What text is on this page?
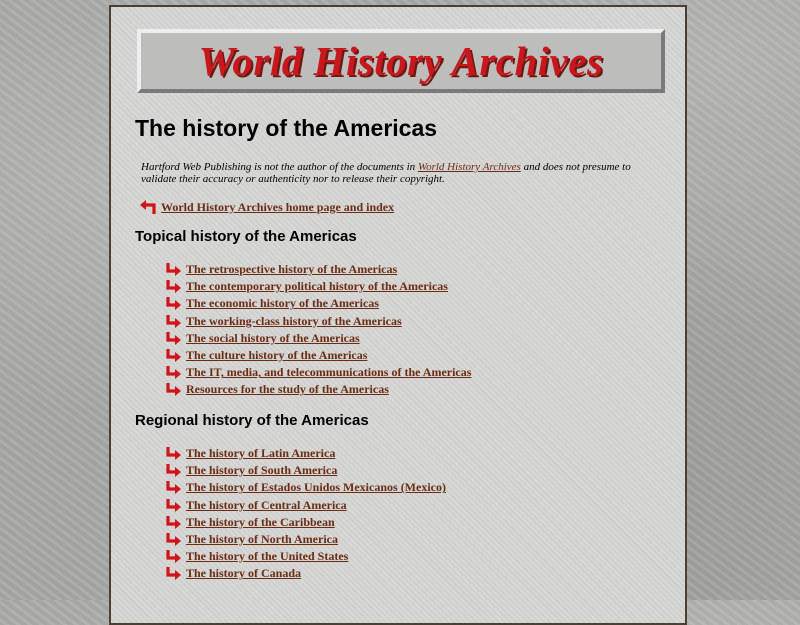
World History Archives
The history of the Americas

Hartford Web Publishing is not the author of the documents in World History Archives and does not presume to validate their accuracy or authenticity nor to release their copyright.

World History Archives home page and index
Topical history of the Americas
The retrospective history of the Americas
The contemporary political history of the Americas
The economic history of the Americas
The working-class history of the Americas
The social history of the Americas
The culture history of the Americas
The IT, media, and telecommunications of the Americas
Resources for the study of the Americas
Regional history of the Americas
The history of Latin America
The history of South America
The history of Estados Unidos Mexicanos (Mexico)
The history of Central America
The history of the Caribbean
The history of North America
The history of the United States
The history of Canada
